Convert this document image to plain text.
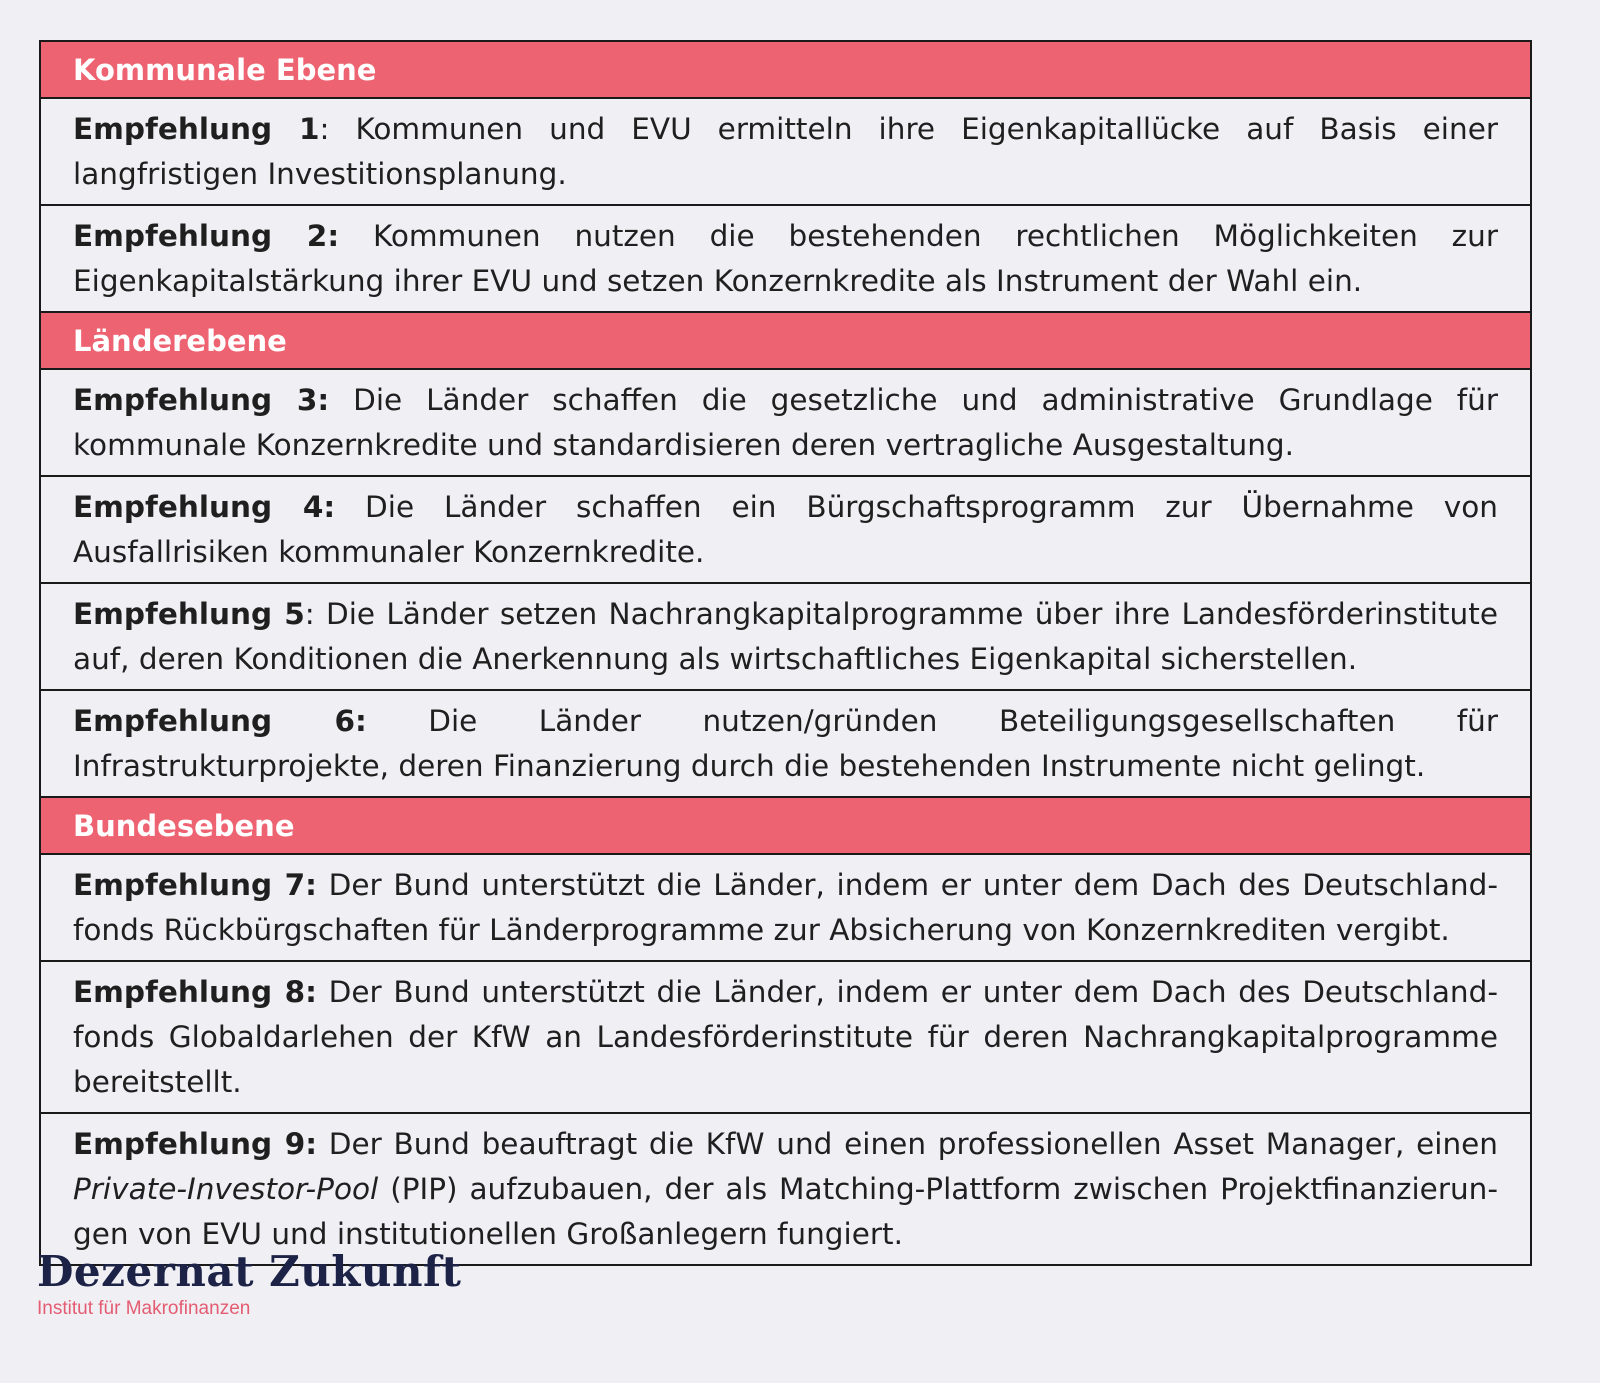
Kommunale Ebene
Empfehlung 1: Kommunen und EVU ermitteln ihre Eigenkapitallücke auf Basis einer langfristigen Investitionsplanung.
Empfehlung 2: Kommunen nutzen die bestehenden rechtlichen Möglichkeiten zur Eigenkapitalstärkung ihrer EVU und setzen Konzernkredite als Instrument der Wahl ein.
Länderebene
Empfehlung 3: Die Länder schaffen die gesetzliche und administrative Grundlage für kommunale Konzernkredite und standardisieren deren vertragliche Ausgestaltung.
Empfehlung 4: Die Länder schaffen ein Bürgschaftsprogramm zur Übernahme von Ausfallrisiken kommunaler Konzernkredite.
Empfehlung 5: Die Länder setzen Nachrangkapitalprogramme über ihre Landesförderinstitute auf, deren Konditionen die Anerkennung als wirtschaftliches Eigenkapital sicherstellen.
Empfehlung 6: Die Länder nutzen/gründen Beteiligungsgesellschaften für Infrastrukturprojekte, deren Finanzierung durch die bestehenden Instrumente nicht gelingt.
Bundesebene
Empfehlung 7: Der Bund unterstützt die Länder, indem er unter dem Dach des Deutschlandfonds Rückbürgschaften für Länderprogramme zur Absicherung von Konzernkrediten vergibt.
Empfehlung 8: Der Bund unterstützt die Länder, indem er unter dem Dach des Deutschlandfonds Globaldarlehen der KfW an Landesförderinstitute für deren Nachrangkapitalprogramme bereitstellt.
Empfehlung 9: Der Bund beauftragt die KfW und einen professionellen Asset Manager, einen Private-Investor-Pool (PIP) aufzubauen, der als Matching-Plattform zwischen Projektfinanzierungen von EVU und institutionellen Großanlegern fungiert.
Dezernat Zukunft
Institut für Makrofinanzen
